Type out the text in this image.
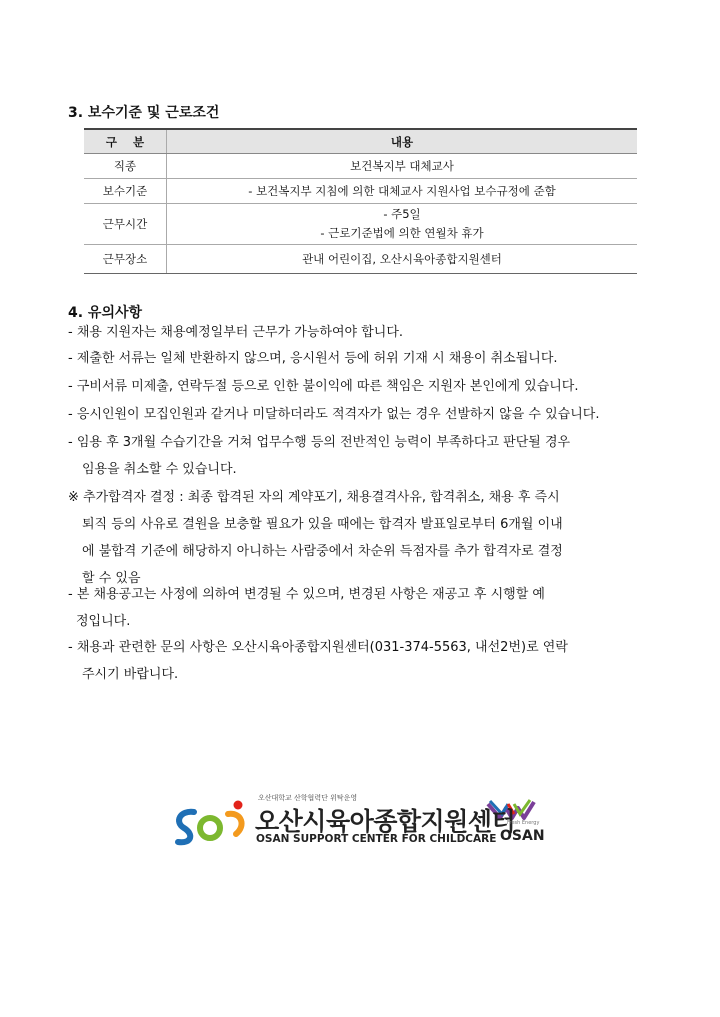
3. 보수기준 및 근로조건
구    분	내용
직종	보건복지부 대체교사
보수기준	- 보건복지부 지침에 의한 대체교사 지원사업 보수규정에 준함
근무시간	- 주5일
- 근로기준법에 의한 연월차 휴가

근무장소	관내 어린이집, 오산시육아종합지원센터
4. 유의사항
- 채용 지원자는 채용예정일부터 근무가 가능하여야 합니다.
- 제출한 서류는 일체 반환하지 않으며, 응시원서 등에 허위 기재 시 채용이 취소됩니다.
- 구비서류 미제출, 연락두절 등으로 인한 불이익에 따른 책임은 지원자 본인에게 있습니다.
- 응시인원이 모집인원과 같거나 미달하더라도 적격자가 없는 경우 선발하지 않을 수 있습니다.
- 임용 후 3개월 수습기간을 거쳐 업무수행 등의 전반적인 능력이 부족하다고 판단될 경우
임용을 취소할 수 있습니다.
※ 추가합격자 결정 : 최종 합격된 자의 계약포기, 채용결격사유, 합격취소, 채용 후 즉시
퇴직 등의 사유로 결원을 보충할 필요가 있을 때에는 합격자 발표일로부터 6개월 이내
에 불합격 기준에 해당하지 아니하는 사람중에서 차순위 득점자를 추가 합격자로 결정
할 수 있음
- 본 채용공고는 사정에 의하여 변경될 수 있으며, 변경된 사항은 재공고 후 시행할 예
정입니다.
- 채용과 관련한 문의 사항은 오산시육아종합지원센터(031-374-5563, 내선2번)로 연락
주시기 바랍니다.
오산대학교 산학협력단 위탁운영
오산시육아종합지원센터
OSAN SUPPORT CENTER FOR CHILDCARE
Fresh Energy
OSAN
